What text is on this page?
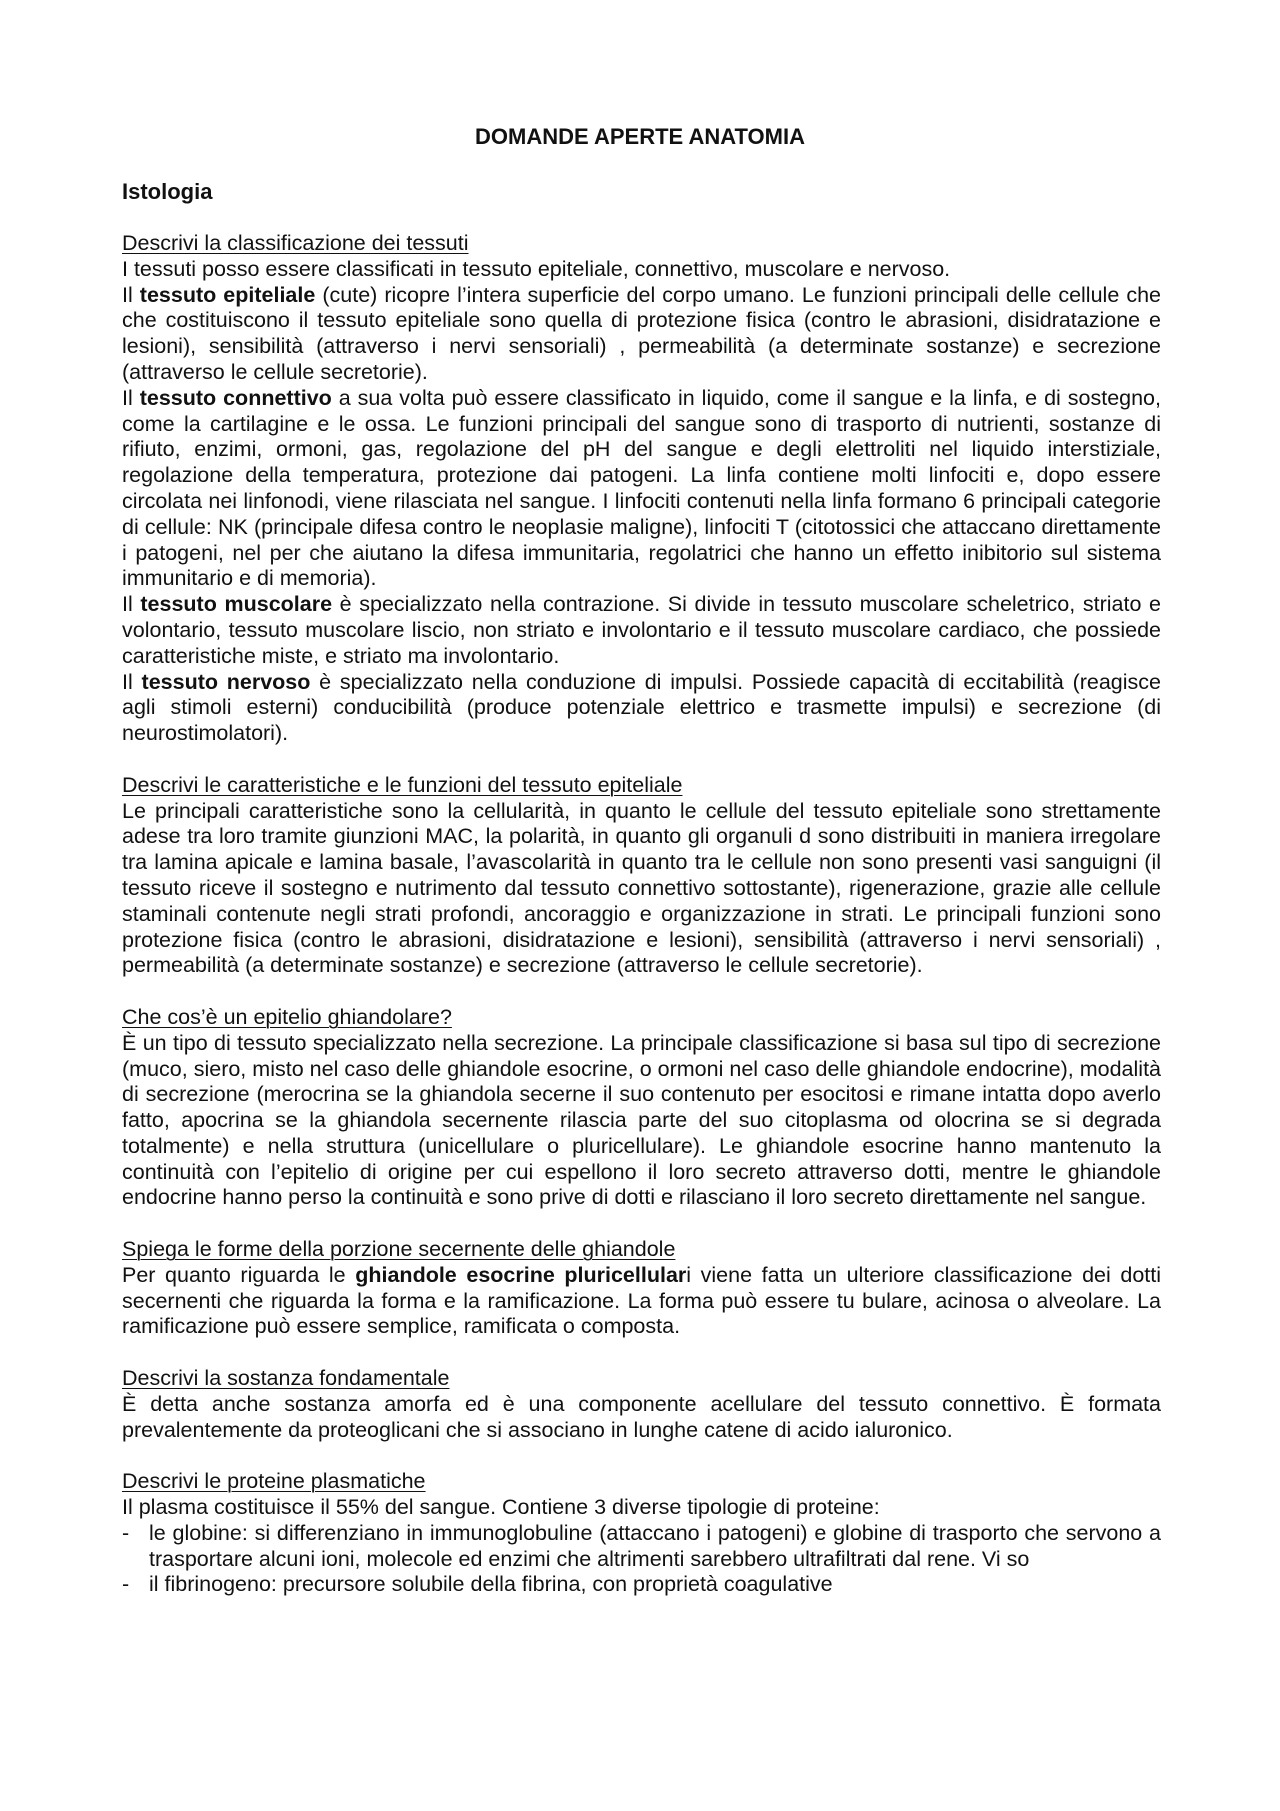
DOMANDE APERTE ANATOMIA
Istologia
Descrivi la classificazione dei tessuti
I tessuti posso essere classificati in tessuto epiteliale, connettivo, muscolare e nervoso.
Il tessuto epiteliale (cute) ricopre l’intera superficie del corpo umano. Le funzioni principali delle cellule che che costituiscono il tessuto epiteliale sono quella di protezione fisica (contro le abrasioni, disidratazione e lesioni), sensibilità (attraverso i nervi sensoriali) , permeabilità (a determinate sostanze) e secrezione (attraverso le cellule secretorie).
Il tessuto connettivo a sua volta può essere classificato in liquido, come il sangue e la linfa, e di sostegno, come la cartilagine e le ossa. Le funzioni principali del sangue sono di trasporto di nutrienti, sostanze di rifiuto, enzimi, ormoni, gas, regolazione del pH del sangue e degli elettroliti nel liquido interstiziale, regolazione della temperatura, protezione dai patogeni. La linfa contiene molti linfociti e, dopo essere circolata nei linfonodi, viene rilasciata nel sangue. I linfociti contenuti nella linfa formano 6 principali categorie di cellule: NK (principale difesa contro le neoplasie maligne), linfociti T (citotossici che attaccano direttamente i patogeni, nel per che aiutano la difesa immunitaria, regolatrici che hanno un effetto inibitorio sul sistema immunitario e di memoria).
Il tessuto muscolare è specializzato nella contrazione. Si divide in tessuto muscolare scheletrico, striato e volontario, tessuto muscolare liscio, non striato e involontario e il tessuto muscolare cardiaco, che possiede caratteristiche miste, e striato ma involontario.
Il tessuto nervoso è specializzato nella conduzione di impulsi. Possiede capacità di eccitabilità (reagisce agli stimoli esterni) conducibilità (produce potenziale elettrico e trasmette impulsi) e secrezione (di neurostimolatori).
Descrivi le caratteristiche e le funzioni del tessuto epiteliale
Le principali caratteristiche sono la cellularità, in quanto le cellule del tessuto epiteliale sono strettamente adese tra loro tramite giunzioni MAC, la polarità, in quanto gli organuli d sono distribuiti in maniera irregolare tra lamina apicale e lamina basale, l’avascolarità in quanto tra le cellule non sono presenti vasi sanguigni (il tessuto riceve il sostegno e nutrimento dal tessuto connettivo sottostante), rigenerazione, grazie alle cellule staminali contenute negli strati profondi, ancoraggio e organizzazione in strati. Le principali funzioni sono protezione fisica (contro le abrasioni, disidratazione e lesioni), sensibilità (attraverso i nervi sensoriali) , permeabilità (a determinate sostanze) e secrezione (attraverso le cellule secretorie).
Che cos’è un epitelio ghiandolare?
È un tipo di tessuto specializzato nella secrezione. La principale classificazione si basa sul tipo di secrezione (muco, siero, misto nel caso delle ghiandole esocrine, o ormoni nel caso delle ghiandole endocrine), modalità di secrezione (merocrina se la ghiandola secerne il suo contenuto per esocitosi e rimane intatta dopo averlo fatto, apocrina se la ghiandola secernente rilascia parte del suo citoplasma od olocrina se si degrada totalmente) e nella struttura (unicellulare o pluricellulare). Le ghiandole esocrine hanno mantenuto la continuità con l’epitelio di origine per cui espellono il loro secreto attraverso dotti, mentre le ghiandole endocrine hanno perso la continuità e sono prive di dotti e rilasciano il loro secreto direttamente nel sangue.
Spiega le forme della porzione secernente delle ghiandole
Per quanto riguarda le ghiandole esocrine pluricellulari viene fatta un ulteriore classificazione dei dotti secernenti che riguarda la forma e la ramificazione. La forma può essere tu bulare, acinosa o alveolare. La ramificazione può essere semplice, ramificata o composta.
Descrivi la sostanza fondamentale
È detta anche sostanza amorfa ed è una componente acellulare del tessuto connettivo. È formata prevalentemente da proteoglicani che si associano in lunghe catene di acido ialuronico.
Descrivi le proteine plasmatiche
Il plasma costituisce il 55% del sangue. Contiene 3 diverse tipologie di proteine:
- le globine: si differenziano in immunoglobuline (attaccano i patogeni) e globine di trasporto che servono a trasportare alcuni ioni, molecole ed enzimi che altrimenti sarebbero ultrafiltrati dal rene. Vi so
- il fibrinogeno: precursore solubile della fibrina, con proprietà coagulative
